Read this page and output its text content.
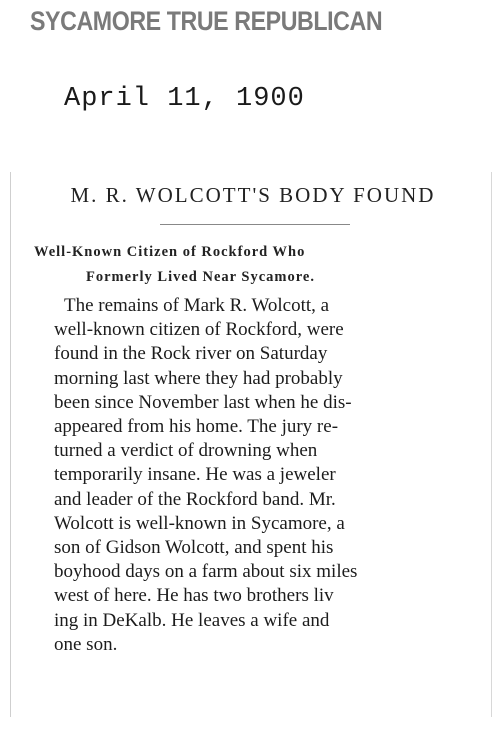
SYCAMORE TRUE REPUBLICAN
April 11, 1900
M. R. WOLCOTT'S BODY FOUND
Well-Known Citizen of Rockford Who
Formerly Lived Near Sycamore.
The remains of Mark R. Wolcott, a
well-known citizen of Rockford, were
found in the Rock river on Saturday
morning last where they had probably
been since November last when he dis-
appeared from his home. The jury re-
turned a verdict of drowning when
temporarily insane. He was a jeweler
and leader of the Rockford band. Mr.
Wolcott is well-known in Sycamore, a
son of Gidson Wolcott, and spent his
boyhood days on a farm about six miles
west of here. He has two brothers liv
ing in DeKalb. He leaves a wife and
one son.
